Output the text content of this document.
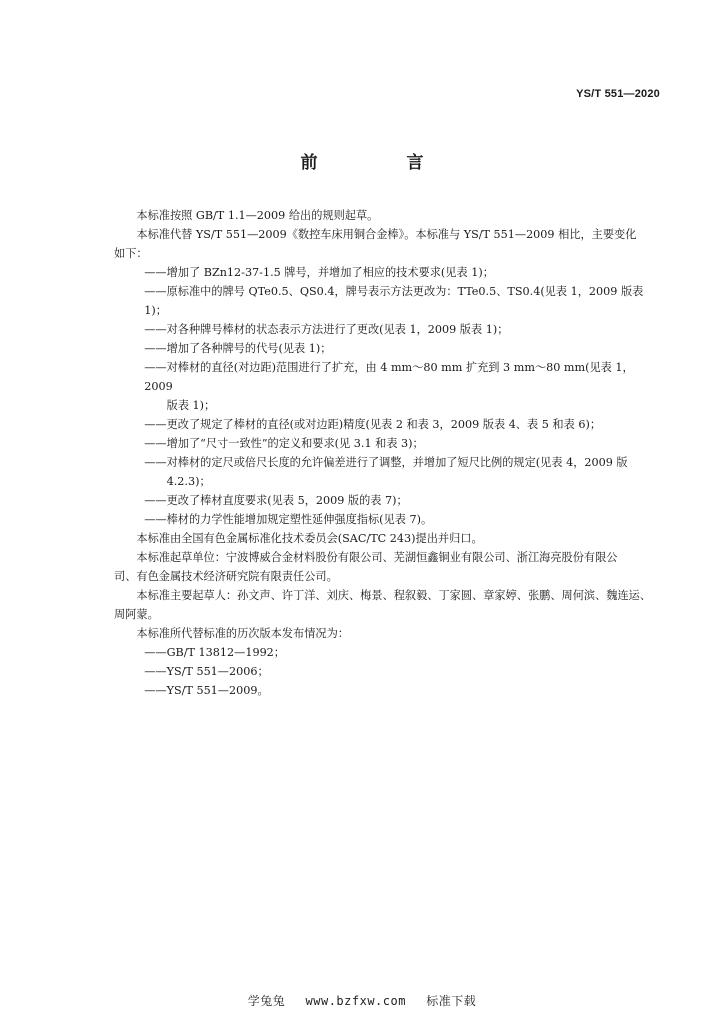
YS/T 551—2020
前　言

本标准按照 GB/T 1.1—2009 给出的规则起草。

本标准代替 YS/T 551—2009《数控车床用铜合金棒》。本标准与 YS/T 551—2009 相比，主要变化

如下：

——增加了 BZn12-37-1.5 牌号，并增加了相应的技术要求(见表 1)；

——原标准中的牌号 QTe0.5、QS0.4，牌号表示方法更改为：TTe0.5、TS0.4(见表 1，2009 版表 1)；

——对各种牌号棒材的状态表示方法进行了更改(见表 1，2009 版表 1)；

——增加了各种牌号的代号(见表 1)；

——对棒材的直径(对边距)范围进行了扩充，由 4 mm～80 mm 扩充到 3 mm～80 mm(见表 1，2009

版表 1)；

——更改了规定了棒材的直径(或对边距)精度(见表 2 和表 3，2009 版表 4、表 5 和表 6)；

——增加了“尺寸一致性”的定义和要求(见 3.1 和表 3)；

——对棒材的定尺或倍尺长度的允许偏差进行了调整，并增加了短尺比例的规定(见表 4，2009 版

4.2.3)；

——更改了棒材直度要求(见表 5，2009 版的表 7)；

——棒材的力学性能增加规定塑性延伸强度指标(见表 7)。

本标准由全国有色金属标准化技术委员会(SAC/TC 243)提出并归口。

本标准起草单位：宁波博威合金材料股份有限公司、芜湖恒鑫铜业有限公司、浙江海亮股份有限公

司、有色金属技术经济研究院有限责任公司。

本标准主要起草人：孙文声、许丁洋、刘庆、梅景、程叙毅、丁家圆、章家婷、张鹏、周何滨、魏连运、

周阿蒙。

本标准所代替标准的历次版本发布情况为：

——GB/T 13812—1992；

——YS/T 551—2006；

——YS/T 551—2009。

学兔兔 www.bzfxw.com 标准下载
